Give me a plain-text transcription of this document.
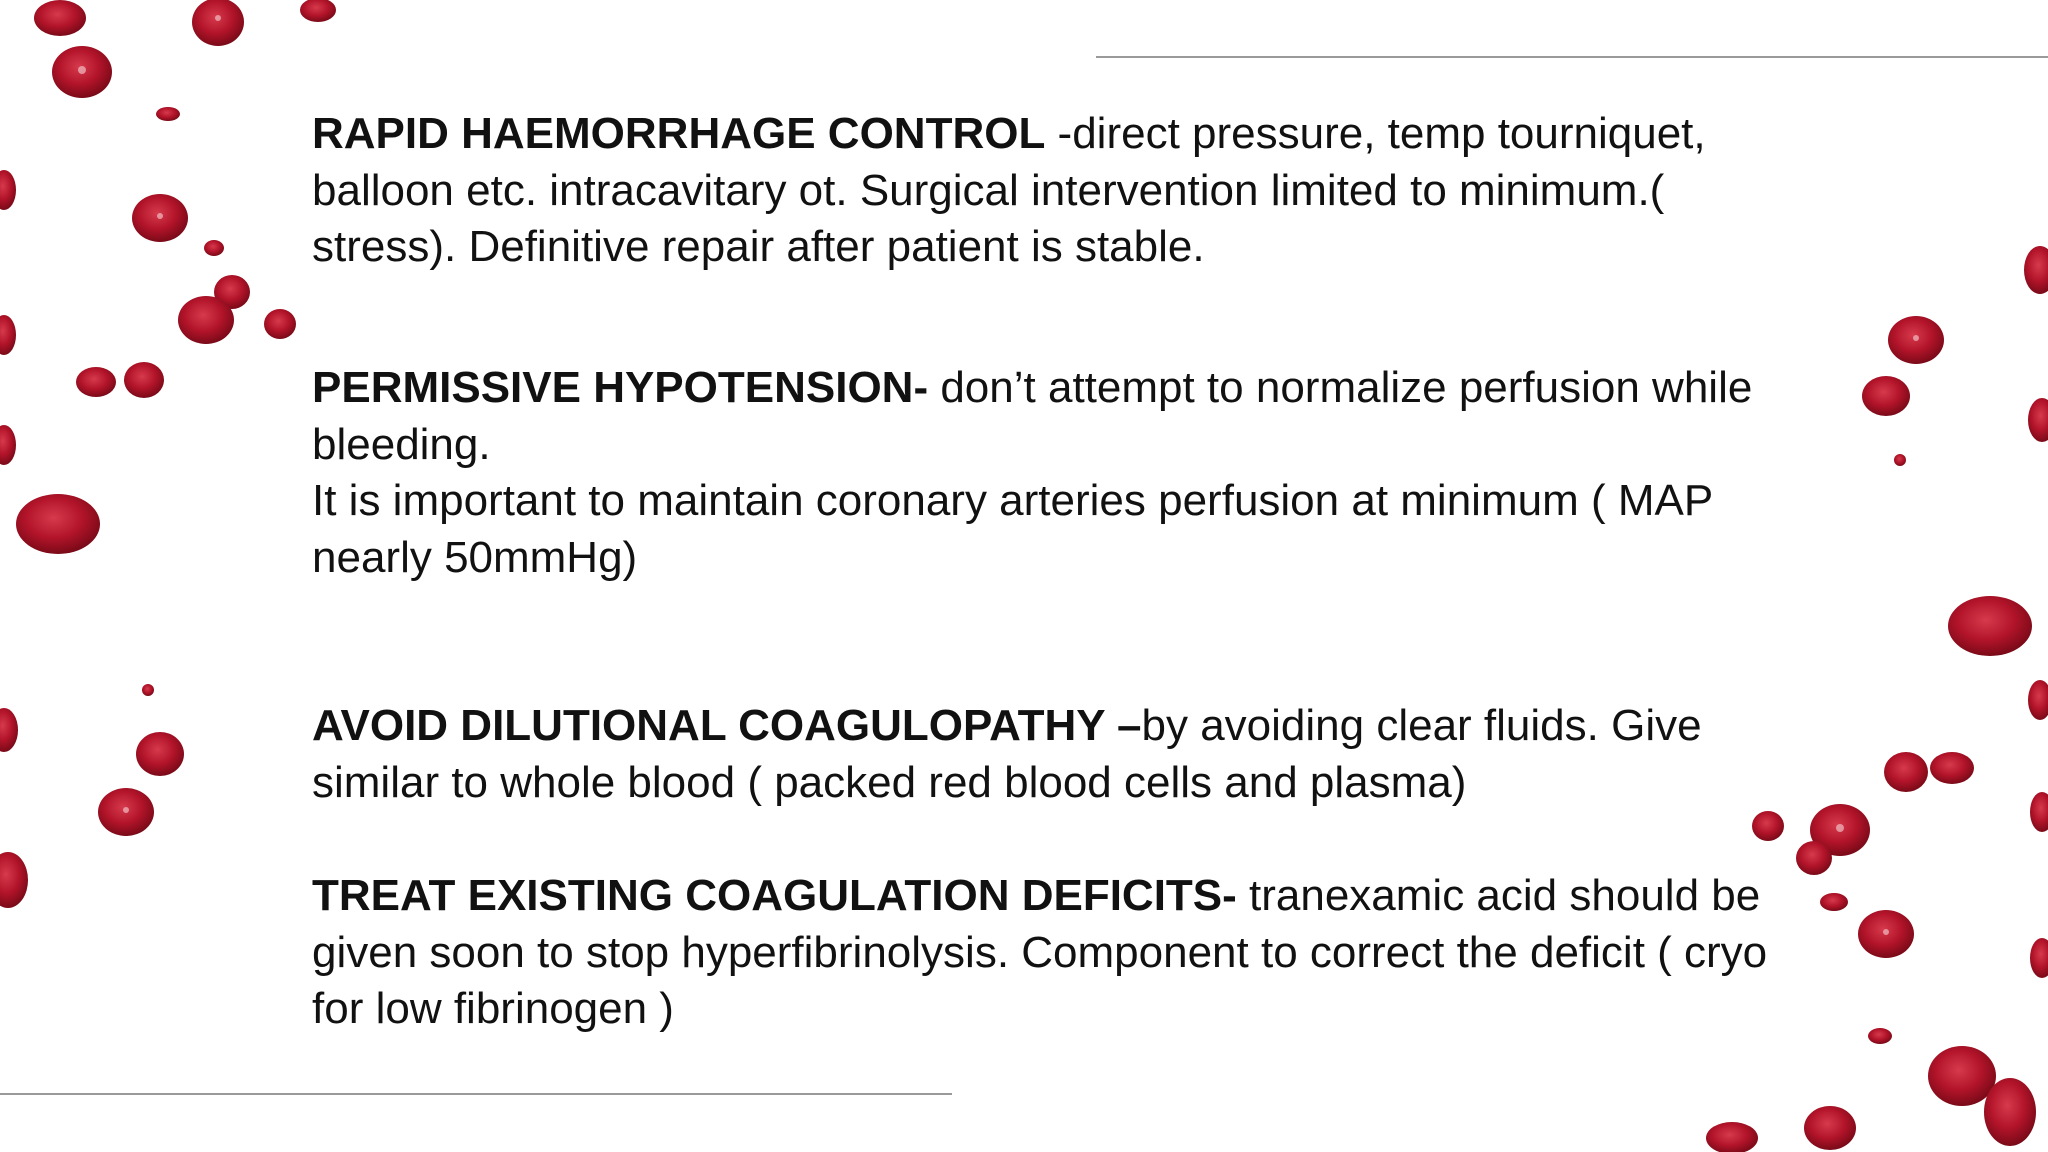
RAPID HAEMORRHAGE CONTROL -direct pressure, temp tourniquet, balloon etc. intracavitary ot. Surgical intervention limited to minimum.( stress). Definitive repair after patient is stable.

PERMISSIVE HYPOTENSION- don’t attempt to normalize perfusion while bleeding.
It is important to maintain coronary arteries perfusion at minimum ( MAP nearly 50mmHg)

AVOID DILUTIONAL COAGULOPATHY –by avoiding clear fluids. Give similar to whole blood ( packed red blood cells and plasma)

TREAT EXISTING COAGULATION DEFICITS- tranexamic acid should be given soon to stop hyperfibrinolysis. Component to correct the deficit ( cryo for low fibrinogen )
